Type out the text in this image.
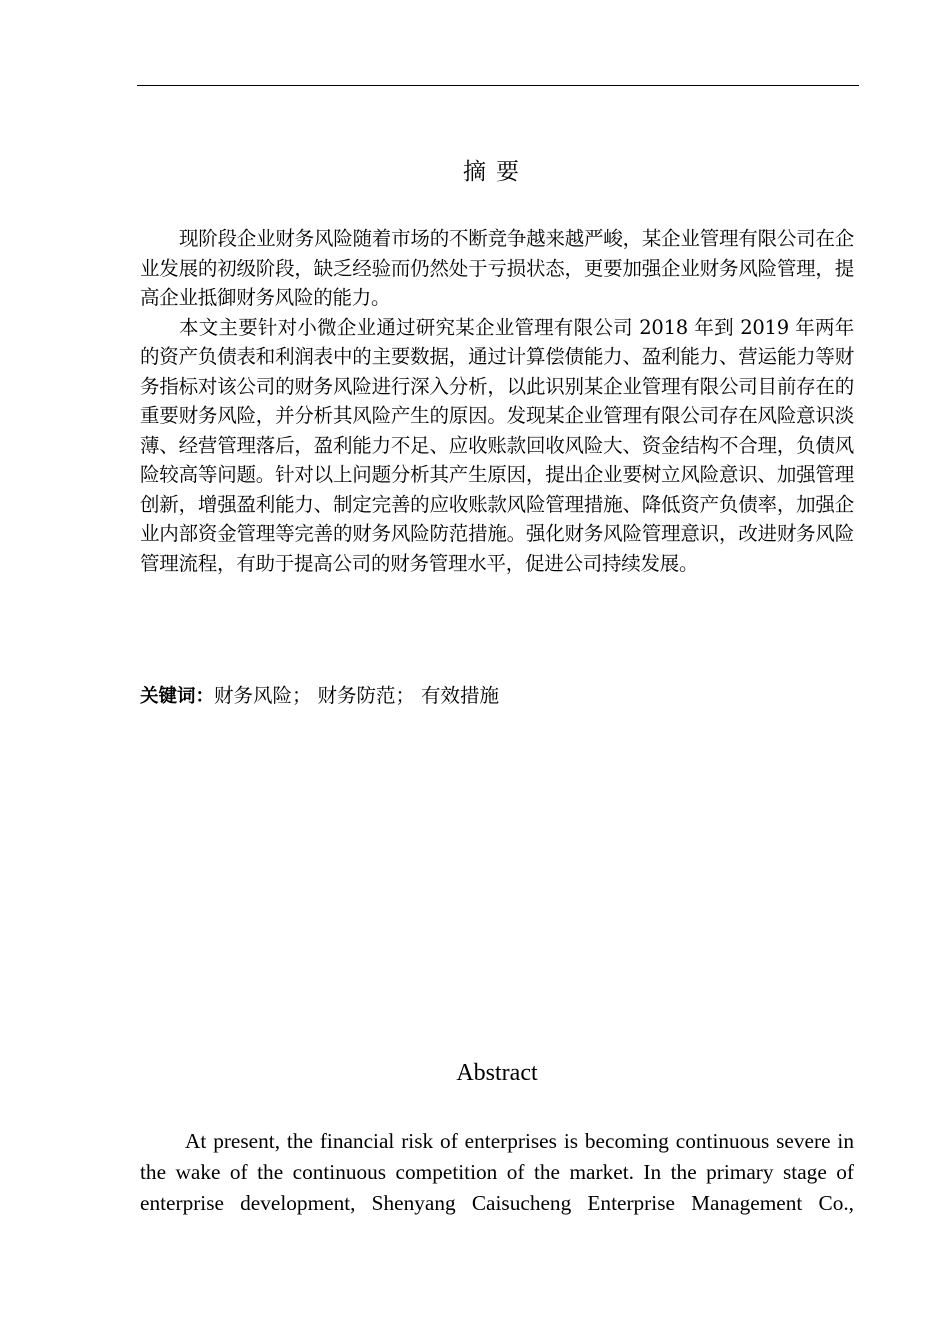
摘要

现阶段企业财务风险随着市场的不断竞争越来越严峻，某企业管理有限公司在企业发展的初级阶段，缺乏经验而仍然处于亏损状态，更要加强企业财务风险管理，提高企业抵御财务风险的能力。

本文主要针对小微企业通过研究某企业管理有限公司 2018 年到 2019 年两年的资产负债表和利润表中的主要数据，通过计算偿债能力、盈利能力、营运能力等财务指标对该公司的财务风险进行深入分析，以此识别某企业管理有限公司目前存在的重要财务风险，并分析其风险产生的原因。发现某企业管理有限公司存在风险意识淡薄、经营管理落后，盈利能力不足、应收账款回收风险大、资金结构不合理，负债风险较高等问题。针对以上问题分析其产生原因，提出企业要树立风险意识、加强管理创新，增强盈利能力、制定完善的应收账款风险管理措施、降低资产负债率，加强企业内部资金管理等完善的财务风险防范措施。强化财务风险管理意识，改进财务风险管理流程，有助于提高公司的财务管理水平，促进公司持续发展。

关键词：财务风险； 财务防范； 有效措施
Abstract

At present, the financial risk of enterprises is becoming continuous severe in the wake of the continuous competition of the market. In the primary stage of enterprise development, Shenyang Caisucheng Enterprise Management Co.,
